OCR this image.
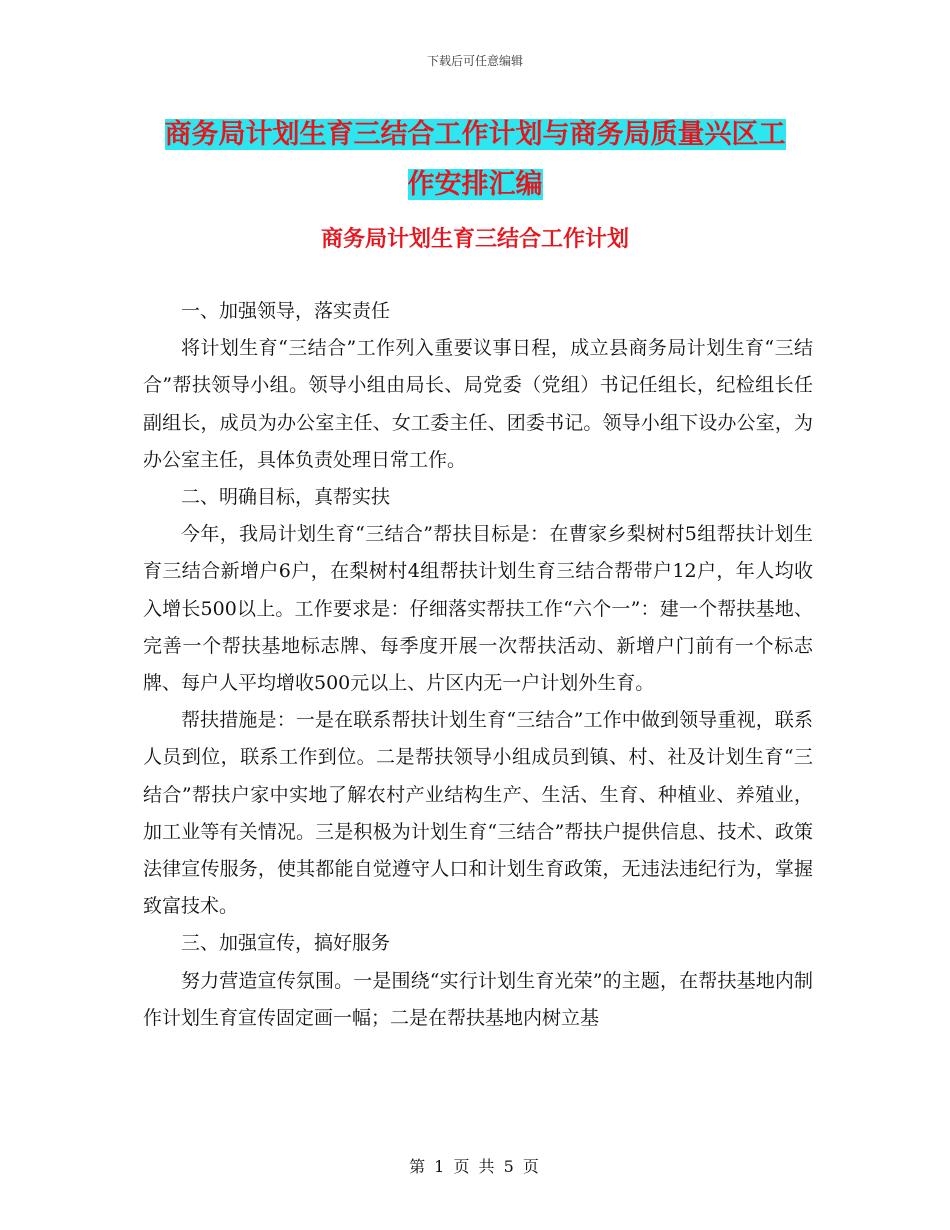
下载后可任意编辑
商务局计划生育三结合工作计划与商务局质量兴区工
作安排汇编
商务局计划生育三结合工作计划

一、加强领导，落实责任

将计划生育“三结合”工作列入重要议事日程，成立县商务局计划生育“三结合”帮扶领导小组。领导小组由局长、局党委（党组）书记任组长，纪检组长任副组长，成员为办公室主任、女工委主任、团委书记。领导小组下设办公室，为办公室主任，具体负责处理日常工作。

二、明确目标，真帮实扶

今年，我局计划生育“三结合”帮扶目标是：在曹家乡梨树村5组帮扶计划生育三结合新增户6户，在梨树村4组帮扶计划生育三结合帮带户12户，年人均收入增长500以上。工作要求是：仔细落实帮扶工作“六个一”：建一个帮扶基地、完善一个帮扶基地标志牌、每季度开展一次帮扶活动、新增户门前有一个标志牌、每户人平均增收500元以上、片区内无一户计划外生育。

帮扶措施是：一是在联系帮扶计划生育“三结合”工作中做到领导重视，联系人员到位，联系工作到位。二是帮扶领导小组成员到镇、村、社及计划生育“三结合”帮扶户家中实地了解农村产业结构生产、生活、生育、种植业、养殖业，加工业等有关情况。三是积极为计划生育“三结合”帮扶户提供信息、技术、政策法律宣传服务，使其都能自觉遵守人口和计划生育政策，无违法违纪行为，掌握致富技术。

三、加强宣传，搞好服务

努力营造宣传氛围。一是围绕“实行计划生育光荣”的主题，在帮扶基地内制作计划生育宣传固定画一幅；二是在帮扶基地内树立基

第 1 页 共 5 页
